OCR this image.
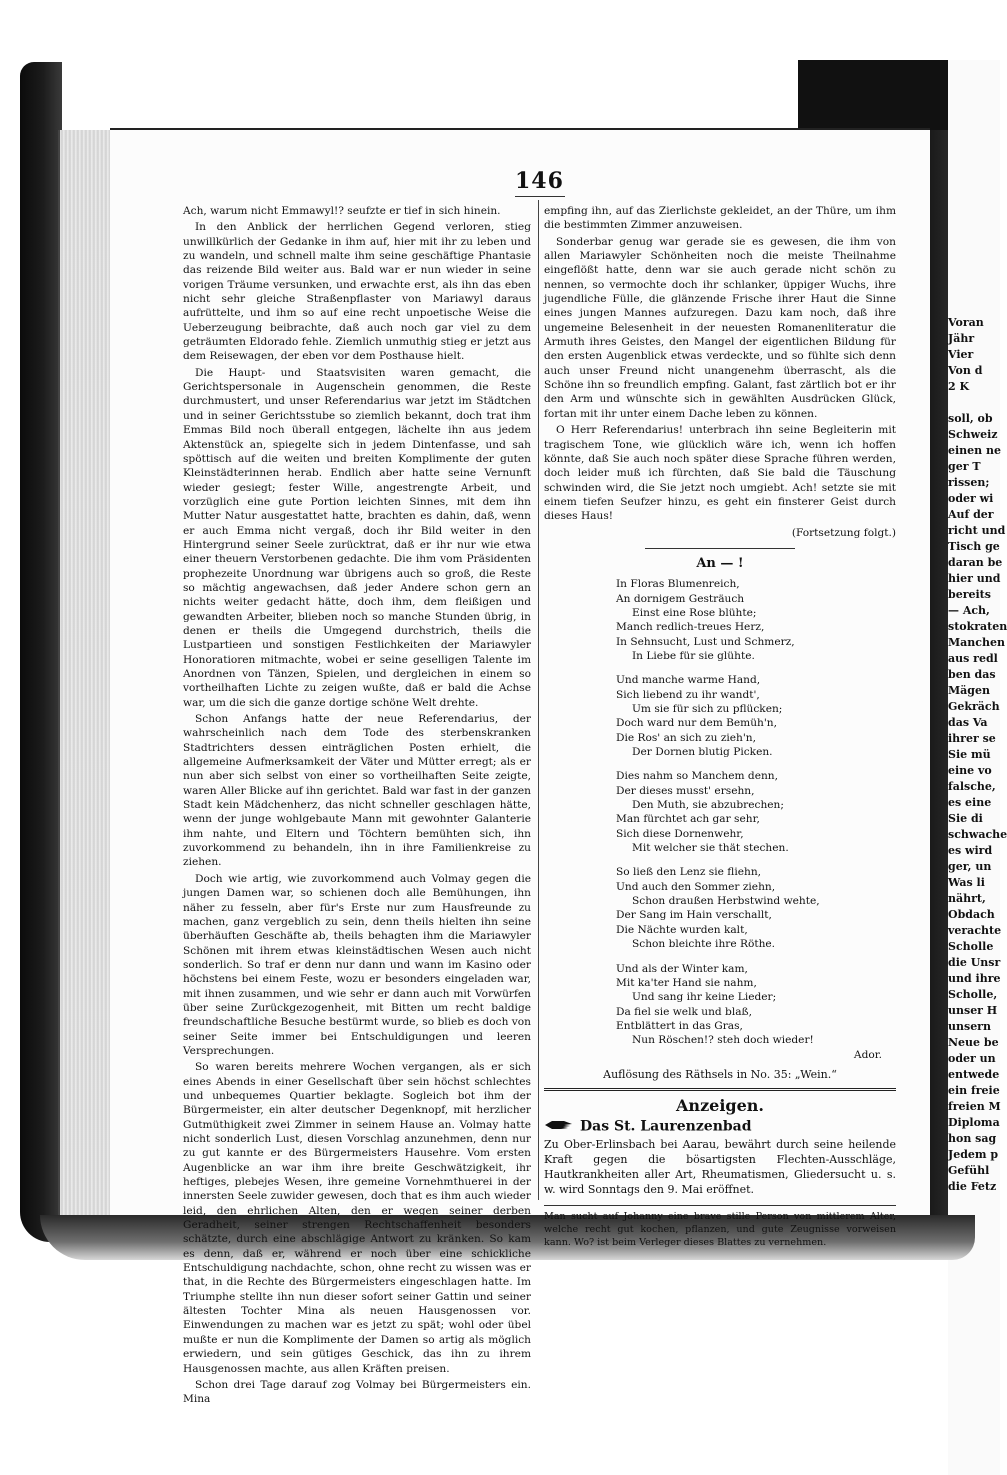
Voran
Jähr
Vier
Von d
2 K

soll, ob
Schweiz
einen ne
ger T
rissen;
oder wi
Auf der
richt und
Tisch ge
daran be
hier und
bereits
— Ach,
stokraten
Manchen
aus redl
ben das
Mägen
Gekräch
das Va
ihrer se
Sie mü
eine vo
falsche,
es eine
Sie di
schwache
es wird
ger, un
Was li
nährt,
Obdach
verachte
Scholle
die Unsr
und ihre
Scholle,
unser H
unsern
Neue be
oder un
entwede
ein freie
freien M
Diploma
hon sag
Jedem p
Gefühl
die Fetz
146

Ach, warum nicht Emmawyl!? seufzte er tief in sich hinein.

In den Anblick der herrlichen Gegend verloren, stieg unwillkürlich der Gedanke in ihm auf, hier mit ihr zu leben und zu wandeln, und schnell malte ihm seine geschäftige Phantasie das reizende Bild weiter aus. Bald war er nun wieder in seine vorigen Träume versunken, und erwachte erst, als ihn das eben nicht sehr gleiche Straßenpflaster von Mariawyl daraus aufrüttelte, und ihm so auf eine recht unpoetische Weise die Ueberzeugung beibrachte, daß auch noch gar viel zu dem geträumten Eldorado fehle. Ziemlich unmuthig stieg er jetzt aus dem Reisewagen, der eben vor dem Posthause hielt.

Die Haupt- und Staatsvisiten waren gemacht, die Gerichtspersonale in Augenschein genommen, die Reste durchmustert, und unser Referendarius war jetzt im Städtchen und in seiner Gerichtsstube so ziemlich bekannt, doch trat ihm Emmas Bild noch überall entgegen, lächelte ihn aus jedem Aktenstück an, spiegelte sich in jedem Dintenfasse, und sah spöttisch auf die weiten und breiten Komplimente der guten Kleinstädterinnen herab. Endlich aber hatte seine Vernunft wieder gesiegt; fester Wille, angestrengte Arbeit, und vorzüglich eine gute Portion leichten Sinnes, mit dem ihn Mutter Natur ausgestattet hatte, brachten es dahin, daß, wenn er auch Emma nicht vergaß, doch ihr Bild weiter in den Hintergrund seiner Seele zurücktrat, daß er ihr nur wie etwa einer theuern Verstorbenen gedachte. Die ihm vom Präsidenten prophezeite Unordnung war übrigens auch so groß, die Reste so mächtig angewachsen, daß jeder Andere schon gern an nichts weiter gedacht hätte, doch ihm, dem fleißigen und gewandten Arbeiter, blieben noch so manche Stunden übrig, in denen er theils die Umgegend durchstrich, theils die Lustpartieen und sonstigen Festlichkeiten der Mariawyler Honoratioren mitmachte, wobei er seine geselligen Talente im Anordnen von Tänzen, Spielen, und dergleichen in einem so vortheilhaften Lichte zu zeigen wußte, daß er bald die Achse war, um die sich die ganze dortige schöne Welt drehte.

Schon Anfangs hatte der neue Referendarius, der wahrscheinlich nach dem Tode des sterbenskranken Stadtrichters dessen einträglichen Posten erhielt, die allgemeine Aufmerksamkeit der Väter und Mütter erregt; als er nun aber sich selbst von einer so vortheilhaften Seite zeigte, waren Aller Blicke auf ihn gerichtet. Bald war fast in der ganzen Stadt kein Mädchenherz, das nicht schneller geschlagen hätte, wenn der junge wohlgebaute Mann mit gewohnter Galanterie ihm nahte, und Eltern und Töchtern bemühten sich, ihn zuvorkommend zu behandeln, ihn in ihre Familienkreise zu ziehen.

Doch wie artig, wie zuvorkommend auch Volmay gegen die jungen Damen war, so schienen doch alle Bemühungen, ihn näher zu fesseln, aber für's Erste nur zum Hausfreunde zu machen, ganz vergeblich zu sein, denn theils hielten ihn seine überhäuften Geschäfte ab, theils behagten ihm die Mariawyler Schönen mit ihrem etwas kleinstädtischen Wesen auch nicht sonderlich. So traf er denn nur dann und wann im Kasino oder höchstens bei einem Feste, wozu er besonders eingeladen war, mit ihnen zusammen, und wie sehr er dann auch mit Vorwürfen über seine Zurückgezogenheit, mit Bitten um recht baldige freundschaftliche Besuche bestürmt wurde, so blieb es doch von seiner Seite immer bei Entschuldigungen und leeren Versprechungen.

So waren bereits mehrere Wochen vergangen, als er sich eines Abends in einer Gesellschaft über sein höchst schlechtes und unbequemes Quartier beklagte. Sogleich bot ihm der Bürgermeister, ein alter deutscher Degenknopf, mit herzlicher Gutmüthigkeit zwei Zimmer in seinem Hause an. Volmay hatte nicht sonderlich Lust, diesen Vorschlag anzunehmen, denn nur zu gut kannte er des Bürgermeisters Hausehre. Vom ersten Augenblicke an war ihm ihre breite Geschwätzigkeit, ihr heftiges, plebejes Wesen, ihre gemeine Vornehmthuerei in der innersten Seele zuwider gewesen, doch that es ihm auch wieder leid, den ehrlichen Alten, den er wegen seiner derben Geradheit, seiner strengen Rechtschaffenheit besonders schätzte, durch eine abschlägige Antwort zu kränken. So kam es denn, daß er, während er noch über eine schickliche Entschuldigung nachdachte, schon, ohne recht zu wissen was er that, in die Rechte des Bürgermeisters eingeschlagen hatte. Im Triumphe stellte ihn nun dieser sofort seiner Gattin und seiner ältesten Tochter Mina als neuen Hausgenossen vor. Einwendungen zu machen war es jetzt zu spät; wohl oder übel mußte er nun die Komplimente der Damen so artig als möglich erwiedern, und sein gütiges Geschick, das ihn zu ihrem Hausgenossen machte, aus allen Kräften preisen.

Schon drei Tage darauf zog Volmay bei Bürgermeisters ein. Mina

empfing ihn, auf das Zierlichste gekleidet, an der Thüre, um ihm die bestimmten Zimmer anzuweisen.

Sonderbar genug war gerade sie es gewesen, die ihm von allen Mariawyler Schönheiten noch die meiste Theilnahme eingeflößt hatte, denn war sie auch gerade nicht schön zu nennen, so vermochte doch ihr schlanker, üppiger Wuchs, ihre jugendliche Fülle, die glänzende Frische ihrer Haut die Sinne eines jungen Mannes aufzuregen. Dazu kam noch, daß ihre ungemeine Belesenheit in der neuesten Romanenliteratur die Armuth ihres Geistes, den Mangel der eigentlichen Bildung für den ersten Augenblick etwas verdeckte, und so fühlte sich denn auch unser Freund nicht unangenehm überrascht, als die Schöne ihn so freundlich empfing. Galant, fast zärtlich bot er ihr den Arm und wünschte sich in gewählten Ausdrücken Glück, fortan mit ihr unter einem Dache leben zu können.

O Herr Referendarius! unterbrach ihn seine Begleiterin mit tragischem Tone, wie glücklich wäre ich, wenn ich hoffen könnte, daß Sie auch noch später diese Sprache führen werden, doch leider muß ich fürchten, daß Sie bald die Täuschung schwinden wird, die Sie jetzt noch umgiebt. Ach! setzte sie mit einem tiefen Seufzer hinzu, es geht ein finsterer Geist durch dieses Haus!

(Fortsetzung folgt.)
An — !
In Floras Blumenreich,
An dornigem Gesträuch
Einst eine Rose blühte;
Manch redlich-treues Herz,
In Sehnsucht, Lust und Schmerz,
In Liebe für sie glühte.
Und manche warme Hand,
Sich liebend zu ihr wandt',
Um sie für sich zu pflücken;
Doch ward nur dem Bemüh'n,
Die Ros' an sich zu zieh'n,
Der Dornen blutig Picken.
Dies nahm so Manchem denn,
Der dieses musst' ersehn,
Den Muth, sie abzubrechen;
Man fürchtet ach gar sehr,
Sich diese Dornenwehr,
Mit welcher sie thät stechen.
So ließ den Lenz sie fliehn,
Und auch den Sommer ziehn,
Schon draußen Herbstwind wehte,
Der Sang im Hain verschallt,
Die Nächte wurden kalt,
Schon bleichte ihre Röthe.
Und als der Winter kam,
Mit ka'ter Hand sie nahm,
Und sang ihr keine Lieder;
Da fiel sie welk und blaß,
Entblättert in das Gras,
Nun Röschen!? steh doch wieder!
Ador.
Auflösung des Räthsels in No. 35: „Wein.“
Anzeigen.
Das St. Laurenzenbad
Zu Ober-Erlinsbach bei Aarau, bewährt durch seine heilende Kraft gegen die bösartigsten Flechten-Ausschläge, Hautkrankheiten aller Art, Rheumatismen, Gliedersucht u. s. w. wird Sonntags den 9. Mai eröffnet.
Man sucht auf Johanny eine brave stille Person von mittlerem Alter, welche recht gut kochen, pflanzen, und gute Zeugnisse vorweisen kann. Wo? ist beim Verleger dieses Blattes zu vernehmen.
